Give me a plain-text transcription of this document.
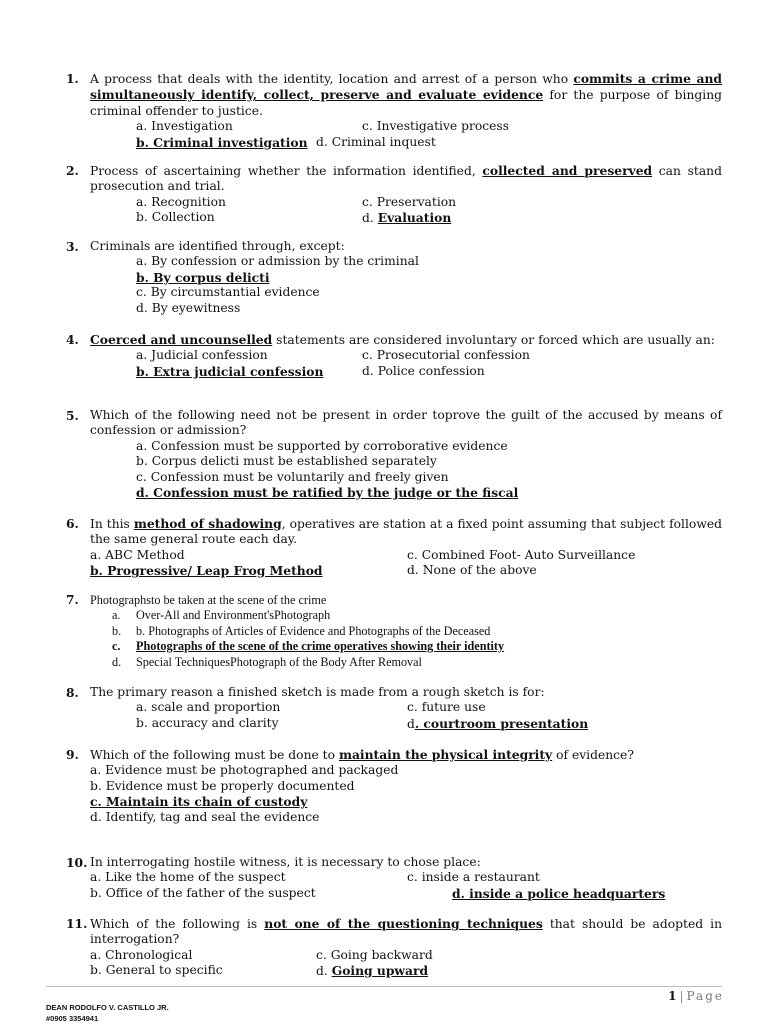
1. A process that deals with the identity, location and arrest of a person who commits a crime and simultaneously identify, collect, preserve and evaluate evidence for the purpose of binging criminal offender to justice.
a. Investigation	c. Investigative process
b. Criminal investigation d. Criminal inquest
2. Process of ascertaining whether the information identified, collected and preserved can stand prosecution and trial.
a. Recognition	c. Preservation
b. Collection	d. Evaluation
3. Criminals are identified through, except:
a. By confession or admission by the criminal
b. By corpus delicti
c. By circumstantial evidence
d. By eyewitness
4. Coerced and uncounselled statements are considered involuntary or forced which are usually an:
a. Judicial confession	c. Prosecutorial confession
b. Extra judicial confession	d. Police confession
5. Which of the following need not be present in order toprove the guilt of the accused by means of confession or admission?
a. Confession must be supported by corroborative evidence
b. Corpus delicti must be established separately
c. Confession must be voluntarily and freely given
d. Confession must be ratified by the judge or the fiscal
6. In this method of shadowing, operatives are station at a fixed point assuming that subject followed the same general route each day.
a. ABC Method	c. Combined Foot- Auto Surveillance
b. Progressive/ Leap Frog Method	d. None of the above
7. Photographsto be taken at the scene of the crime
a. Over-All and Environment'sPhotograph
b. b. Photographs of Articles of Evidence and Photographs of the Deceased
c. Photographs of the scene of the crime operatives showing their identity
d. Special TechniquesPhotograph of the Body After Removal
8. The primary reason a finished sketch is made from a rough sketch is for:
a. scale and proportion	c. future use
b. accuracy and clarity	d. courtroom presentation
9. Which of the following must be done to maintain the physical integrity of evidence?
a. Evidence must be photographed and packaged
b. Evidence must be properly documented
c. Maintain its chain of custody
d. Identify, tag and seal the evidence
10. In interrogating hostile witness, it is necessary to chose place:
a. Like the home of the suspect	c. inside a restaurant
b. Office of the father of the suspect	d. inside a police headquarters
11. Which of the following is not one of the questioning techniques that should be adopted in interrogation?
a. Chronological	c. Going backward
b. General to specific	d. Going upward
1 | Page
DEAN RODOLFO V. CASTILLO JR.
#0905 3354941
